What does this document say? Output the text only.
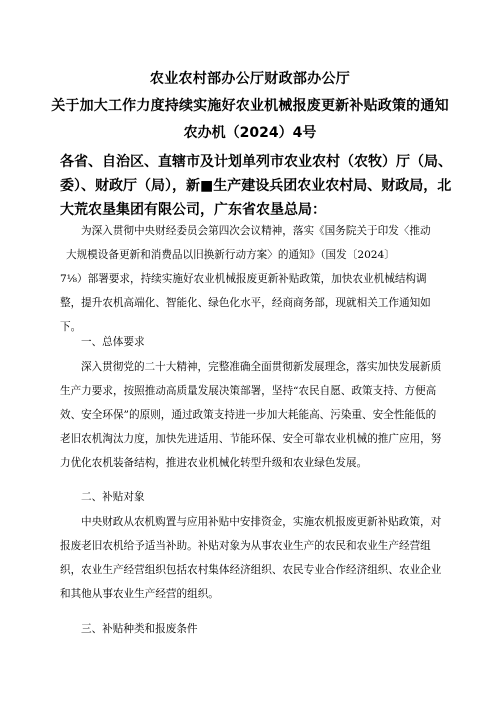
农业农村部办公厅财政部办公厅
关于加大工作力度持续实施好农业机械报废更新补贴政策的通知
农办机（2024）4号
各省、自治区、直辖市及计划单列市农业农村（农牧）厅（局、委）、财政厅（局），新■生产建设兵团农业农村局、财政局，北大荒农垦集团有限公司，广东省农垦总局：

为深入贯彻中央财经委员会第四次会议精神，落实《国务院关于印发〈推动

大规模设备更新和消费品以旧换新行动方案〉的通知》（国发〔2024〕

7⅛）部署要求，持续实施好农业机械报废更新补贴政策，加快农业机械结构调整，提升农机高端化、智能化、绿色化水平，经商商务部，现就相关工作通知如下。

一、总体要求

深入贯彻党的二十大精神，完整准确全面贯彻新发展理念，落实加快发展新质生产力要求，按照推动高质量发展决策部署，坚持“农民自愿、政策支持、方便高效、安全环保”的原则，通过政策支持进一步加大耗能高、污染重、安全性能低的老旧农机淘汰力度，加快先进适用、节能环保、安全可靠农业机械的推广应用，努力优化农机装备结构，推进农业机械化转型升级和农业绿色发展。

二、补贴对象

中央财政从农机购置与应用补贴中安排资金，实施农机报废更新补贴政策，对报废老旧农机给予适当补助。补贴对象为从事农业生产的农民和农业生产经营组织，农业生产经营组织包括农村集体经济组织、农民专业合作经济组织、农业企业和其他从事农业生产经营的组织。

三、补贴种类和报废条件
